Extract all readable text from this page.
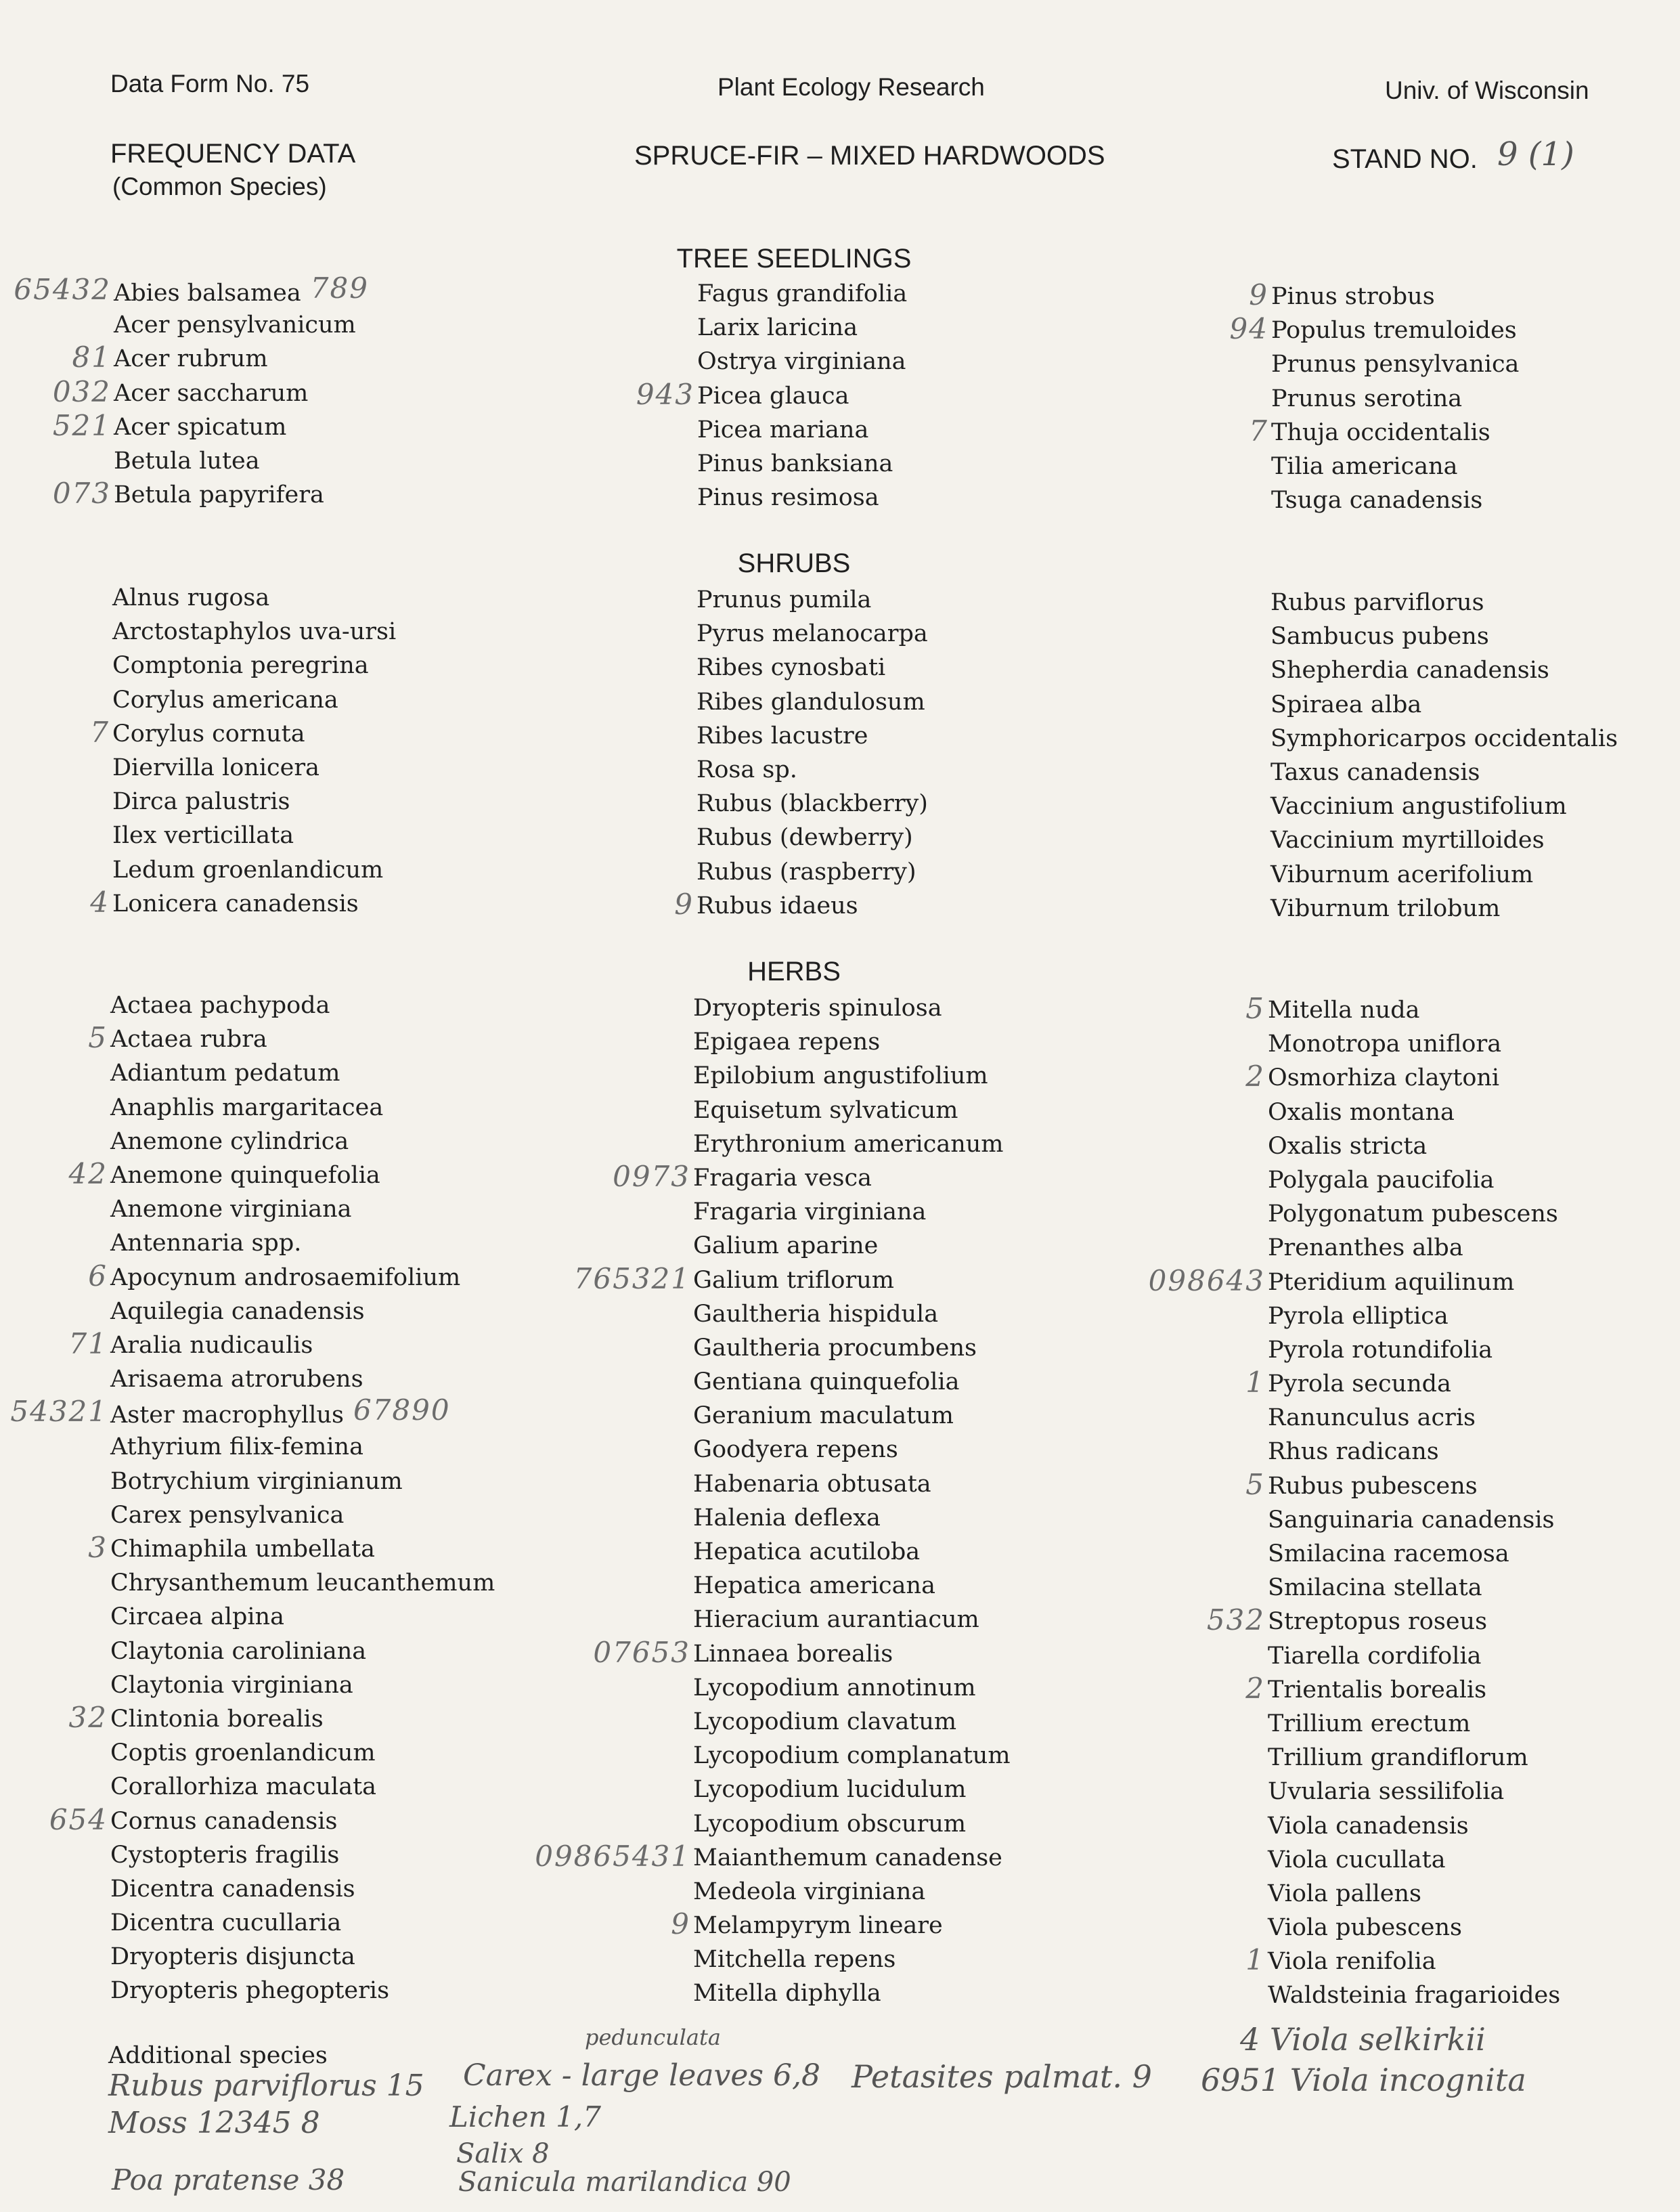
Data Form No. 75	Plant Ecology Research	Univ. of Wisconsin
FREQUENCY DATA
(Common Species)
SPRUCE-FIR – MIXED HARDWOODS	STAND NO. 9 (1)
TREE SEEDLINGS
SHRUBS
HERBS
65432 Abies balsamea 789
Acer pensylvanicum
81 Acer rubrum
032 Acer saccharum
521 Acer spicatum
Betula lutea
073 Betula papyrifera
Fagus grandifolia
Larix laricina
Ostrya virginiana
943 Picea glauca
Picea mariana
Pinus banksiana
Pinus resimosa
9 Pinus strobus
94 Populus tremuloides
Prunus pensylvanica
Prunus serotina
7 Thuja occidentalis
Tilia americana
Tsuga canadensis
Alnus rugosa
Arctostaphylos uva-ursi
Comptonia peregrina
Corylus americana
7 Corylus cornuta
Diervilla lonicera
Dirca palustris
Ilex verticillata
Ledum groenlandicum
4 Lonicera canadensis
Prunus pumila
Pyrus melanocarpa
Ribes cynosbati
Ribes glandulosum
Ribes lacustre
Rosa sp.
Rubus (blackberry)
Rubus (dewberry)
Rubus (raspberry)
9 Rubus idaeus
Rubus parviflorus
Sambucus pubens
Shepherdia canadensis
Spiraea alba
Symphoricarpos occidentalis
Taxus canadensis
Vaccinium angustifolium
Vaccinium myrtilloides
Viburnum acerifolium
Viburnum trilobum
Actaea pachypoda
5 Actaea rubra
Adiantum pedatum
Anaphlis margaritacea
Anemone cylindrica
42 Anemone quinquefolia
Anemone virginiana
Antennaria spp.
6 Apocynum androsaemifolium
Aquilegia canadensis
71 Aralia nudicaulis
Arisaema atrorubens
54321 Aster macrophyllus 67890
Athyrium filix-femina
Botrychium virginianum
Carex pensylvanica
3 Chimaphila umbellata
Chrysanthemum leucanthemum
Circaea alpina
Claytonia caroliniana
Claytonia virginiana
32 Clintonia borealis
Coptis groenlandicum
Corallorhiza maculata
654 Cornus canadensis
Cystopteris fragilis
Dicentra canadensis
Dicentra cucullaria
Dryopteris disjuncta
Dryopteris phegopteris
Dryopteris spinulosa
Epigaea repens
Epilobium angustifolium
Equisetum sylvaticum
Erythronium americanum
0973 Fragaria vesca
Fragaria virginiana
Galium aparine
765321 Galium triflorum
Gaultheria hispidula
Gaultheria procumbens
Gentiana quinquefolia
Geranium maculatum
Goodyera repens
Habenaria obtusata
Halenia deflexa
Hepatica acutiloba
Hepatica americana
Hieracium aurantiacum
07653 Linnaea borealis
Lycopodium annotinum
Lycopodium clavatum
Lycopodium complanatum
Lycopodium lucidulum
Lycopodium obscurum
09865431 Maianthemum canadense
Medeola virginiana
9 Melampyrym lineare
Mitchella repens
Mitella diphylla
5 Mitella nuda
Monotropa uniflora
2 Osmorhiza claytoni
Oxalis montana
Oxalis stricta
Polygala paucifolia
Polygonatum pubescens
Prenanthes alba
098643 Pteridium aquilinum
Pyrola elliptica
Pyrola rotundifolia
1 Pyrola secunda
Ranunculus acris
Rhus radicans
5 Rubus pubescens
Sanguinaria canadensis
Smilacina racemosa
Smilacina stellata
532 Streptopus roseus
Tiarella cordifolia
2 Trientalis borealis
Trillium erectum
Trillium grandiflorum
Uvularia sessilifolia
Viola canadensis
Viola cucullata
Viola pallens
Viola pubescens
1 Viola renifolia
Waldsteinia fragarioides
Additional species
Rubus parviflorus 15
Moss 12345 8
Poa pratense 38
pedunculata
Carex - large leaves 6,8
Lichen 1,7
Salix 8
Sanicula marilandica 90
Petasites palmat. 9
4 Viola selkirkii
6951 Viola incognita
